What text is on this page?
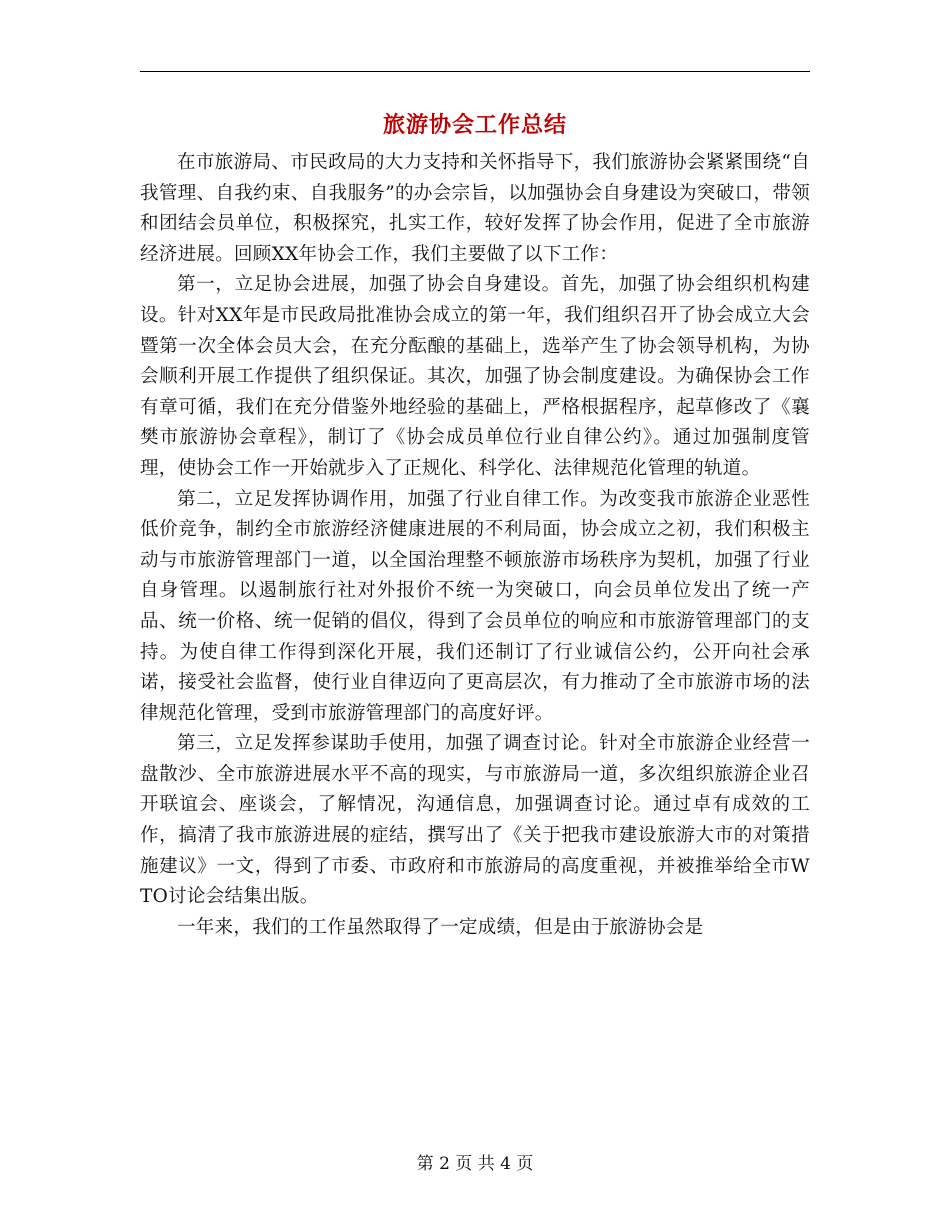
旅游协会工作总结

在市旅游局、市民政局的大力支持和关怀指导下，我们旅游协会紧紧围绕“自我管理、自我约束、自我服务”的办会宗旨，以加强协会自身建设为突破口，带领和团结会员单位，积极探究，扎实工作，较好发挥了协会作用，促进了全市旅游经济进展。回顾XX年协会工作，我们主要做了以下工作：

第一，立足协会进展，加强了协会自身建设。首先，加强了协会组织机构建设。针对XX年是市民政局批准协会成立的第一年，我们组织召开了协会成立大会暨第一次全体会员大会，在充分酝酿的基础上，选举产生了协会领导机构，为协会顺利开展工作提供了组织保证。其次，加强了协会制度建设。为确保协会工作有章可循，我们在充分借鉴外地经验的基础上，严格根据程序，起草修改了《襄樊市旅游协会章程》，制订了《协会成员单位行业自律公约》。通过加强制度管理，使协会工作一开始就步入了正规化、科学化、法律规范化管理的轨道。

第二，立足发挥协调作用，加强了行业自律工作。为改变我市旅游企业恶性低价竞争，制约全市旅游经济健康进展的不利局面，协会成立之初，我们积极主动与市旅游管理部门一道，以全国治理整不顿旅游市场秩序为契机，加强了行业自身管理。以遏制旅行社对外报价不统一为突破口，向会员单位发出了统一产品、统一价格、统一促销的倡仪，得到了会员单位的响应和市旅游管理部门的支持。为使自律工作得到深化开展，我们还制订了行业诚信公约，公开向社会承诺，接受社会监督，使行业自律迈向了更高层次，有力推动了全市旅游市场的法律规范化管理，受到市旅游管理部门的高度好评。

第三，立足发挥参谋助手使用，加强了调查讨论。针对全市旅游企业经营一盘散沙、全市旅游进展水平不高的现实，与市旅游局一道，多次组织旅游企业召开联谊会、座谈会，了解情况，沟通信息，加强调查讨论。通过卓有成效的工作，搞清了我市旅游进展的症结，撰写出了《关于把我市建设旅游大市的对策措施建议》一文，得到了市委、市政府和市旅游局的高度重视，并被推举给全市WTO讨论会结集出版。

一年来，我们的工作虽然取得了一定成绩，但是由于旅游协会是

第 2 页 共 4 页
